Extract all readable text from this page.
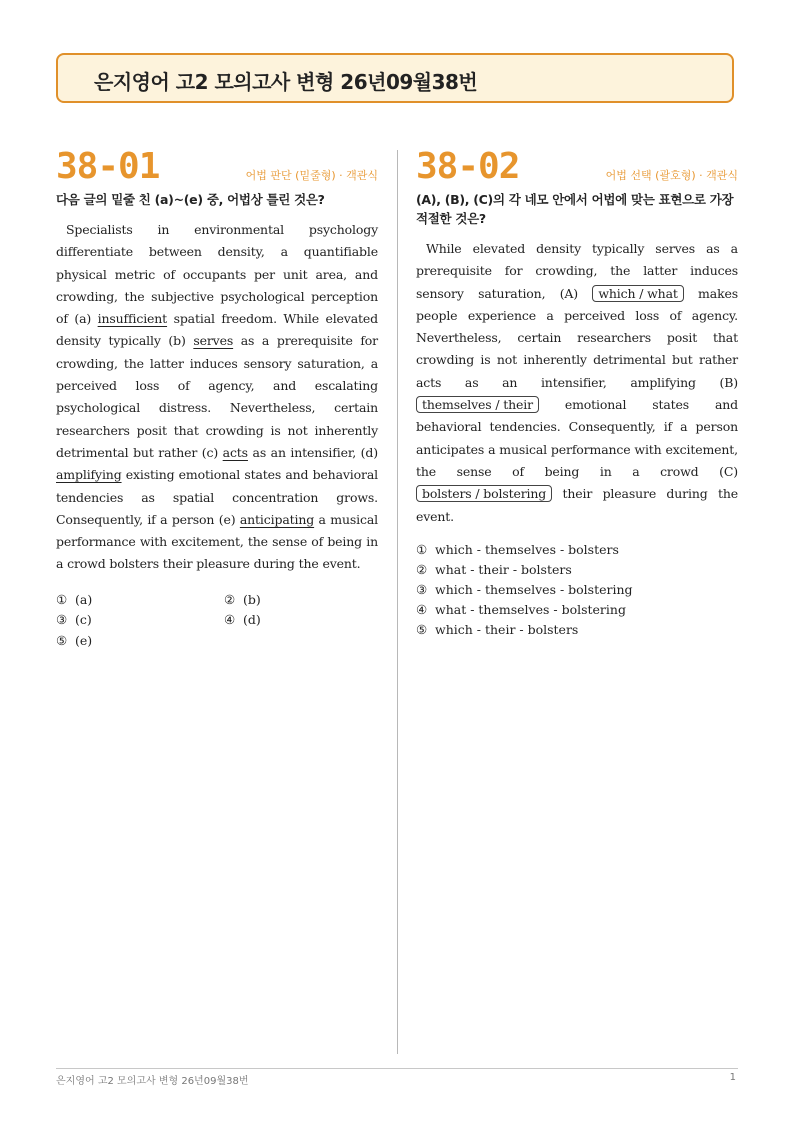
은지영어 고2 모의고사 변형 26년09월38번
38-01	어법 판단 (밑줄형) · 객관식
다음 글의 밑줄 친 (a)~(e) 중, 어법상 틀린 것은?
Specialists in environmental psychology differentiate between density, a quantifiable physical metric of occupants per unit area, and crowding, the subjective psychological perception of (a) insufficient spatial freedom. While elevated density typically (b) serves as a prerequisite for crowding, the latter induces sensory saturation, a perceived loss of agency, and escalating psychological distress. Nevertheless, certain researchers posit that crowding is not inherently detrimental but rather (c) acts as an intensifier, (d) amplifying existing emotional states and behavioral tendencies as spatial concentration grows. Consequently, if a person (e) anticipating a musical performance with excitement, the sense of being in a crowd bolsters their pleasure during the event.
① (a)	② (b)
③ (c)	④ (d)
⑤ (e)
38-02	어법 선택 (괄호형) · 객관식
(A), (B), (C)의 각 네모 안에서 어법에 맞는 표현으로 가장 적절한 것은?
While elevated density typically serves as a prerequisite for crowding, the latter induces sensory saturation, (A) which / what makes people experience a perceived loss of agency. Nevertheless, certain researchers posit that crowding is not inherently detrimental but rather acts as an intensifier, amplifying (B) themselves / their emotional states and behavioral tendencies. Consequently, if a person anticipates a musical performance with excitement, the sense of being in a crowd (C) bolsters / bolstering their pleasure during the event.
① which - themselves - bolsters
② what - their - bolsters
③ which - themselves - bolstering
④ what - themselves - bolstering
⑤ which - their - bolsters
은지영어 고2 모의고사 변형 26년09월38번	1
